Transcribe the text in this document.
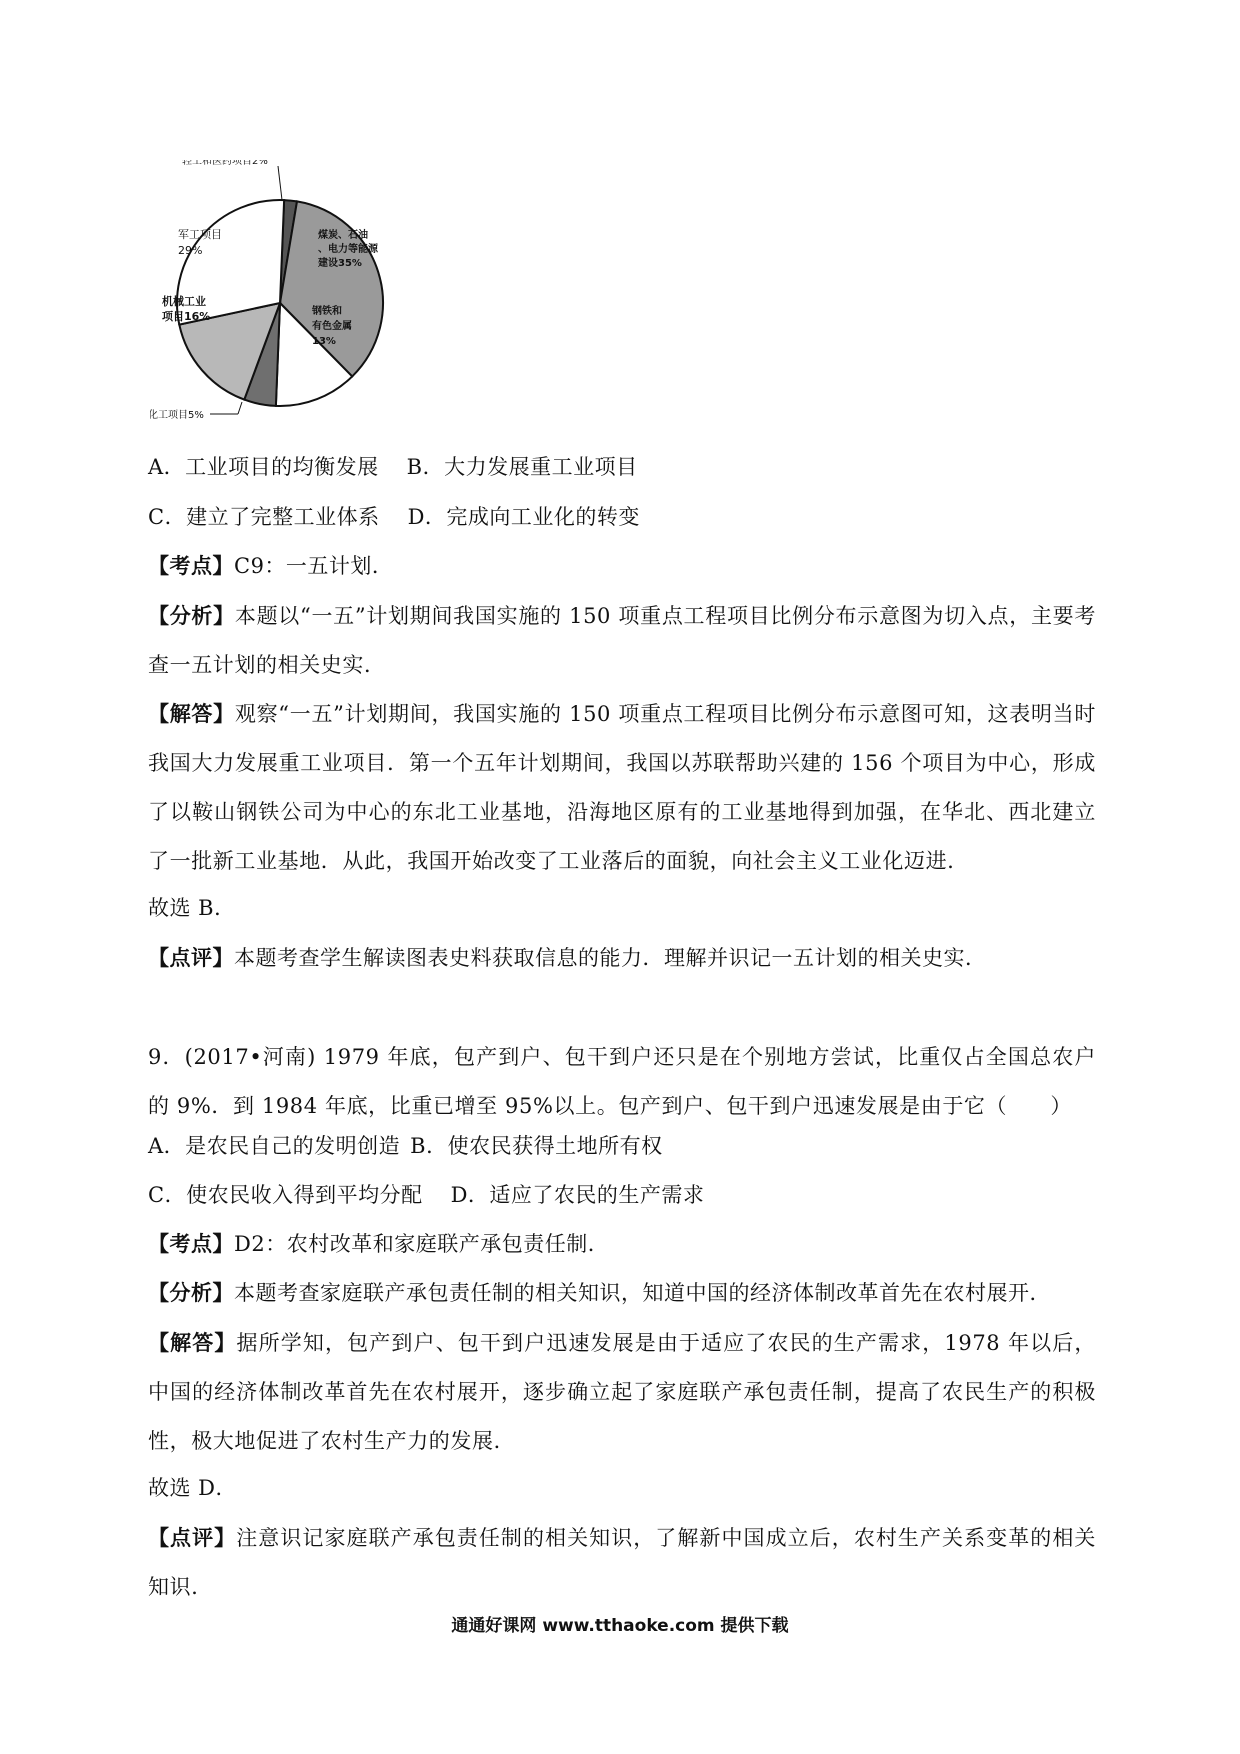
轻工和医药项目2%
煤炭、石油、电力等能源建设35%
钢铁和有色金属 13%
化工项目5%
机械工业项目16%
军工项目 29%
A．工业项目的均衡发展 B．大力发展重工业项目
C．建立了完整工业体系 D．完成向工业化的转变
【考点】C9：一五计划．
【分析】本题以“一五”计划期间我国实施的 150 项重点工程项目比例分布示意图为切入点，主要考查一五计划的相关史实．
【解答】观察“一五”计划期间，我国实施的 150 项重点工程项目比例分布示意图可知，这表明当时我国大力发展重工业项目．第一个五年计划期间，我国以苏联帮助兴建的 156 个项目为中心，形成了以鞍山钢铁公司为中心的东北工业基地，沿海地区原有的工业基地得到加强，在华北、西北建立了一批新工业基地．从此，我国开始改变了工业落后的面貌，向社会主义工业化迈进．
故选 B．
【点评】本题考查学生解读图表史料获取信息的能力．理解并识记一五计划的相关史实．
9．(2017•河南) 1979 年底，包产到户、包干到户还只是在个别地方尝试，比重仅占全国总农户的 9%．到 1984 年底，比重已增至 95%以上。包产到户、包干到户迅速发展是由于它（　　）
A．是农民自己的发明创造 B．使农民获得土地所有权
C．使农民收入得到平均分配 D．适应了农民的生产需求
【考点】D2：农村改革和家庭联产承包责任制．
【分析】本题考查家庭联产承包责任制的相关知识，知道中国的经济体制改革首先在农村展开．
【解答】据所学知，包产到户、包干到户迅速发展是由于适应了农民的生产需求，1978 年以后，中国的经济体制改革首先在农村展开，逐步确立起了家庭联产承包责任制，提高了农民生产的积极性，极大地促进了农村生产力的发展．
故选 D．
【点评】注意识记家庭联产承包责任制的相关知识，了解新中国成立后，农村生产关系变革的相关知识．
通通好课网 www.tthaoke.com 提供下载
